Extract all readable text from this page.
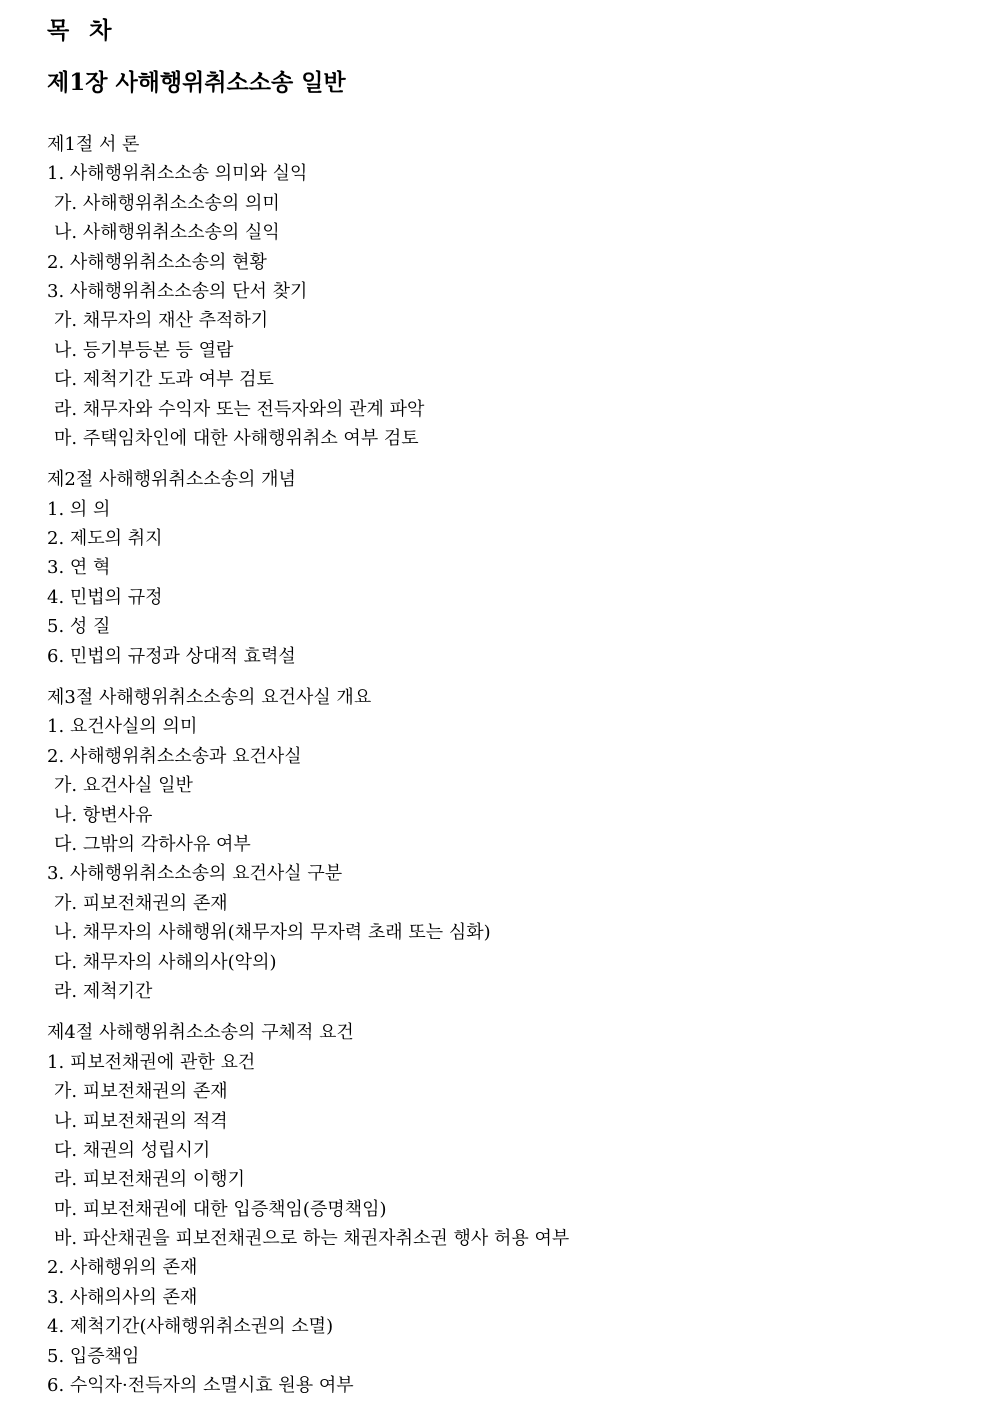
목 차
제1장 사해행위취소소송 일반
제1절 서 론
1. 사해행위취소소송 의미와 실익
가. 사해행위취소소송의 의미
나. 사해행위취소소송의 실익
2. 사해행위취소소송의 현황
3. 사해행위취소소송의 단서 찾기
가. 채무자의 재산 추적하기
나. 등기부등본 등 열람
다. 제척기간 도과 여부 검토
라. 채무자와 수익자 또는 전득자와의 관계 파악
마. 주택임차인에 대한 사해행위취소 여부 검토
제2절 사해행위취소소송의 개념
1. 의 의
2. 제도의 취지
3. 연 혁
4. 민법의 규정
5. 성 질
6. 민법의 규정과 상대적 효력설
제3절 사해행위취소소송의 요건사실 개요
1. 요건사실의 의미
2. 사해행위취소소송과 요건사실
가. 요건사실 일반
나. 항변사유
다. 그밖의 각하사유 여부
3. 사해행위취소소송의 요건사실 구분
가. 피보전채권의 존재
나. 채무자의 사해행위(채무자의 무자력 초래 또는 심화)
다. 채무자의 사해의사(악의)
라. 제척기간
제4절 사해행위취소소송의 구체적 요건
1. 피보전채권에 관한 요건
가. 피보전채권의 존재
나. 피보전채권의 적격
다. 채권의 성립시기
라. 피보전채권의 이행기
마. 피보전채권에 대한 입증책임(증명책임)
바. 파산채권을 피보전채권으로 하는 채권자취소권 행사 허용 여부
2. 사해행위의 존재
3. 사해의사의 존재
4. 제척기간(사해행위취소권의 소멸)
5. 입증책임
6. 수익자·전득자의 소멸시효 원용 여부
